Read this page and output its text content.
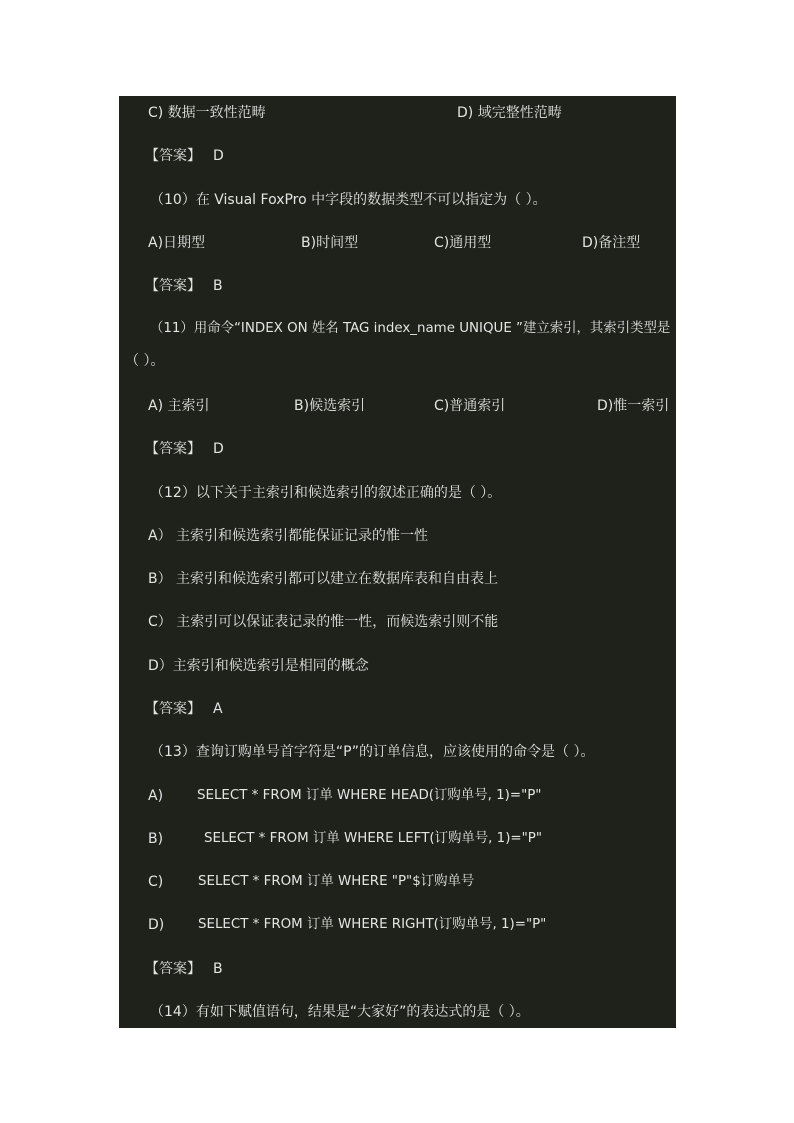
C) 数据一致性范畴	D) 域完整性范畴
【答案】 D
（10）在 Visual FoxPro 中字段的数据类型不可以指定为（ ）。
A)日期型	B)时间型	C)通用型	D)备注型
【答案】 B
（11）用命令“INDEX ON 姓名 TAG index_name UNIQUE ”建立索引，其索引类型是
（ ）。
A) 主索引	B)候选索引	C)普通索引	D)惟一索引
【答案】 D
（12）以下关于主索引和候选索引的叙述正确的是（ ）。
A） 主索引和候选索引都能保证记录的惟一性
B） 主索引和候选索引都可以建立在数据库表和自由表上
C） 主索引可以保证表记录的惟一性，而候选索引则不能
D）主索引和候选索引是相同的概念
【答案】 A
（13）查询订购单号首字符是“P”的订单信息，应该使用的命令是（ ）。
A)	SELECT * FROM 订单 WHERE HEAD(订购单号, 1)="P"
B)	SELECT * FROM 订单 WHERE LEFT(订购单号, 1)="P"
C)	SELECT * FROM 订单 WHERE "P"$订购单号
D)	SELECT * FROM 订单 WHERE RIGHT(订购单号, 1)="P"
【答案】 B
（14）有如下赋值语句，结果是“大家好”的表达式的是（ ）。
